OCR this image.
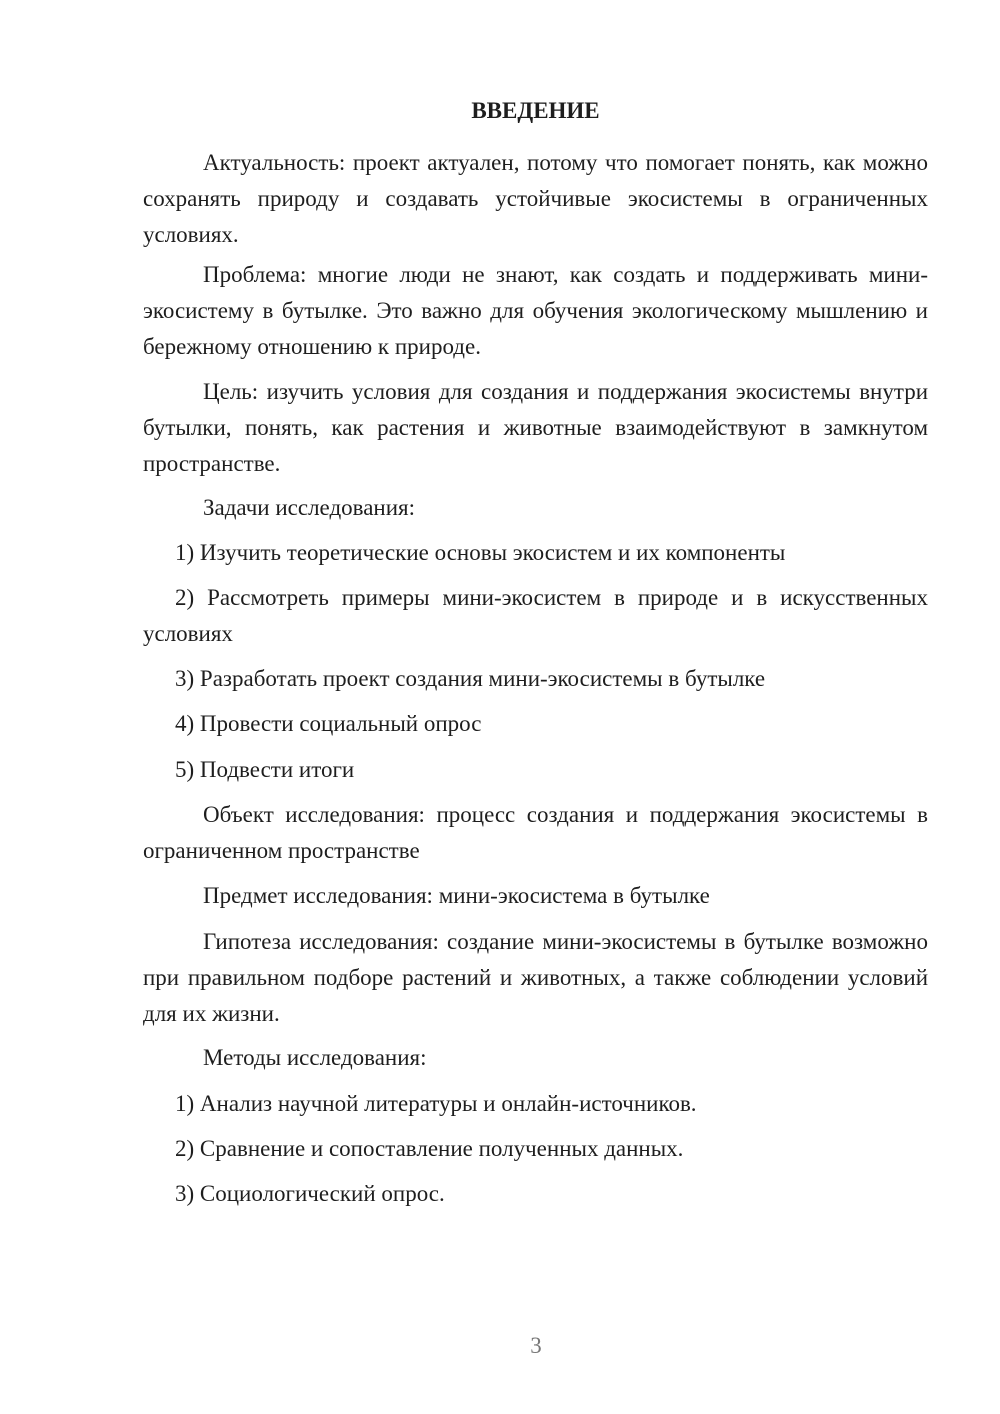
ВВЕДЕНИЕ

Актуальность: проект актуален, потому что помогает понять, как можно сохранять природу и создавать устойчивые экосистемы в ограниченных условиях.

Проблема: многие люди не знают, как создать и поддерживать мини-экосистему в бутылке. Это важно для обучения экологическому мышлению и бережному отношению к природе.

Цель: изучить условия для создания и поддержания экосистемы внутри бутылки, понять, как растения и животные взаимодействуют в замкнутом пространстве.

Задачи исследования:

1) Изучить теоретические основы экосистем и их компоненты

2) Рассмотреть примеры мини-экосистем в природе и в искусственных условиях

3) Разработать проект создания мини-экосистемы в бутылке

4) Провести социальный опрос

5) Подвести итоги

Объект исследования: процесс создания и поддержания экосистемы в ограниченном пространстве

Предмет исследования: мини-экосистема в бутылке

Гипотеза исследования: создание мини-экосистемы в бутылке возможно при правильном подборе растений и животных, а также соблюдении условий для их жизни.

Методы исследования:

1) Анализ научной литературы и онлайн-источников.

2) Сравнение и сопоставление полученных данных.

3) Социологический опрос.

3
